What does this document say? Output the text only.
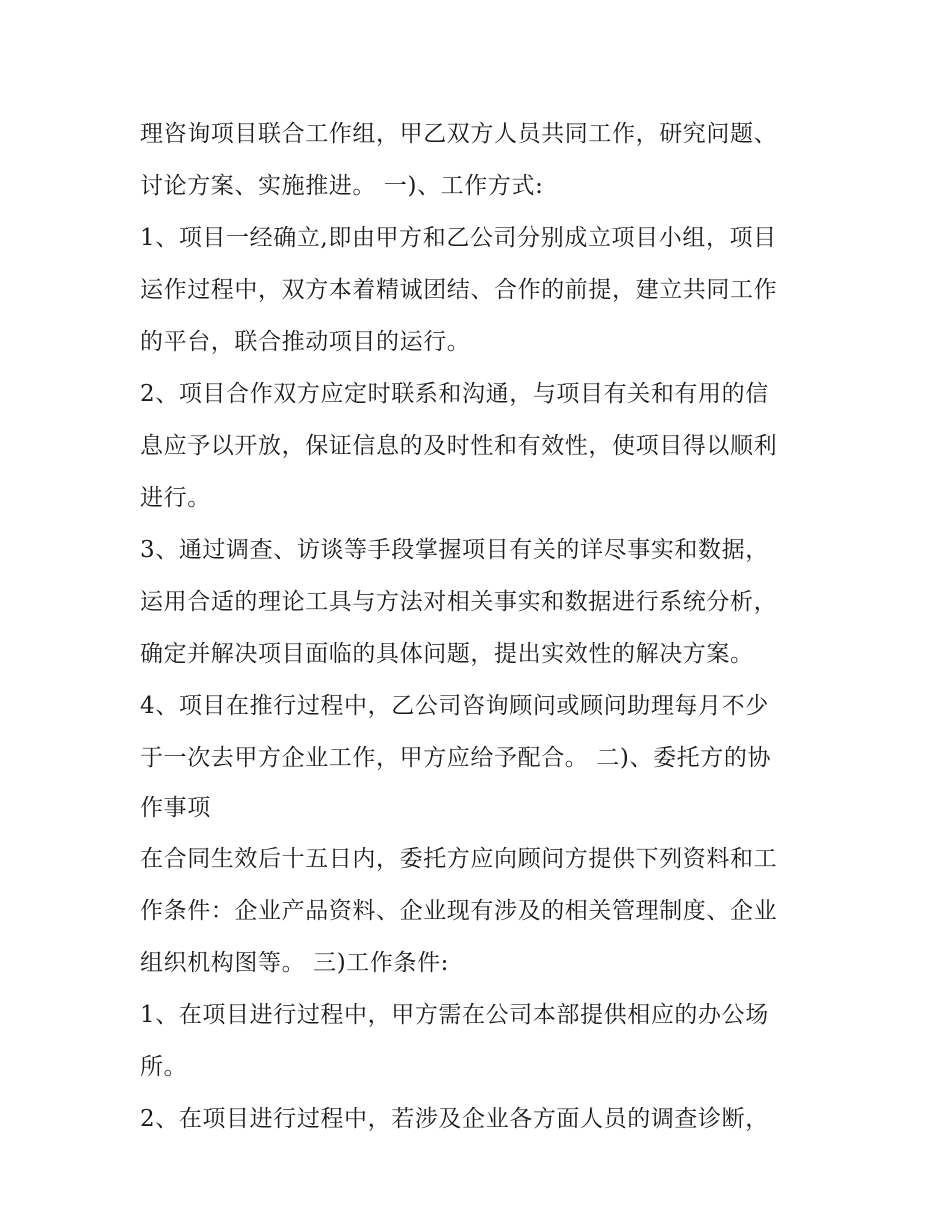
理咨询项目联合工作组，甲乙双方人员共同工作，研究问题、
讨论方案、实施推进。 一)、工作方式:
1、项目一经确立,即由甲方和乙公司分别成立项目小组，项目
运作过程中，双方本着精诚团结、合作的前提，建立共同工作
的平台，联合推动项目的运行。
2、项目合作双方应定时联系和沟通，与项目有关和有用的信
息应予以开放，保证信息的及时性和有效性，使项目得以顺利
进行。
3、通过调查、访谈等手段掌握项目有关的详尽事实和数据，
运用合适的理论工具与方法对相关事实和数据进行系统分析，
确定并解决项目面临的具体问题，提出实效性的解决方案。
4、项目在推行过程中，乙公司咨询顾问或顾问助理每月不少
于一次去甲方企业工作，甲方应给予配合。 二)、委托方的协
作事项
在合同生效后十五日内，委托方应向顾问方提供下列资料和工
作条件：企业产品资料、企业现有涉及的相关管理制度、企业
组织机构图等。 三)工作条件:
1、在项目进行过程中，甲方需在公司本部提供相应的办公场
所。
2、在项目进行过程中，若涉及企业各方面人员的调查诊断，
